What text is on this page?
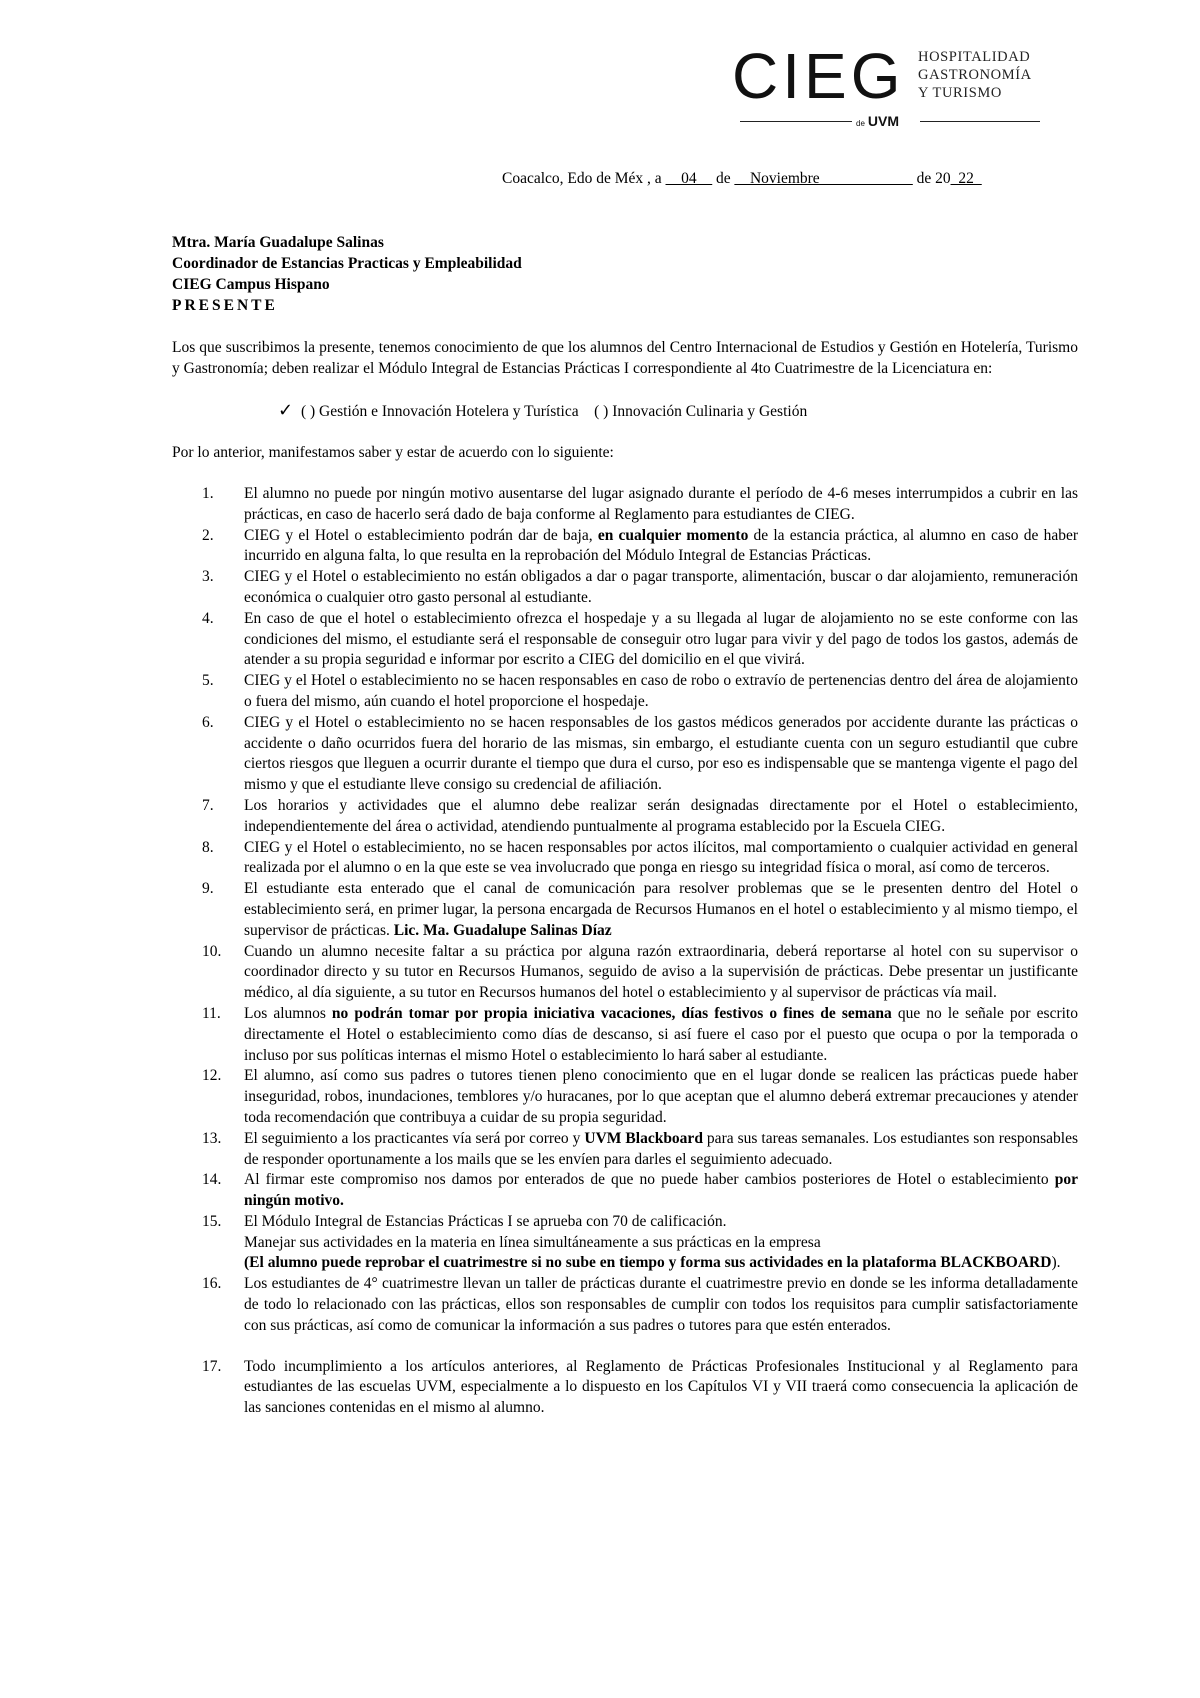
CIEG HOSPITALIDAD
GASTRONOMÍA
Y TURISMO
de UVM
Coacalco, Edo de Méx , a __04__ de __Noviembre____________ de 20_22_
Mtra. María Guadalupe Salinas
Coordinador de Estancias Practicas y Empleabilidad
CIEG Campus Hispano
PRESENTE
Los que suscribimos la presente, tenemos conocimiento de que los alumnos del Centro Internacional de Estudios y Gestión en Hotelería, Turismo y Gastronomía; deben realizar el Módulo Integral de Estancias Prácticas I correspondiente al 4to Cuatrimestre de la Licenciatura en:
✓ ( ) Gestión e Innovación Hotelera y Turística ( ) Innovación Culinaria y Gestión
Por lo anterior, manifestamos saber y estar de acuerdo con lo siguiente:
1.	El alumno no puede por ningún motivo ausentarse del lugar asignado durante el período de 4-6 meses interrumpidos a cubrir en las prácticas, en caso de hacerlo será dado de baja conforme al Reglamento para estudiantes de CIEG.
2.	CIEG y el Hotel o establecimiento podrán dar de baja, en cualquier momento de la estancia práctica, al alumno en caso de haber incurrido en alguna falta, lo que resulta en la reprobación del Módulo Integral de Estancias Prácticas.
3.	CIEG y el Hotel o establecimiento no están obligados a dar o pagar transporte, alimentación, buscar o dar alojamiento, remuneración económica o cualquier otro gasto personal al estudiante.
4.	En caso de que el hotel o establecimiento ofrezca el hospedaje y a su llegada al lugar de alojamiento no se este conforme con las condiciones del mismo, el estudiante será el responsable de conseguir otro lugar para vivir y del pago de todos los gastos, además de atender a su propia seguridad e informar por escrito a CIEG del domicilio en el que vivirá.
5.	CIEG y el Hotel o establecimiento no se hacen responsables en caso de robo o extravío de pertenencias dentro del área de alojamiento o fuera del mismo, aún cuando el hotel proporcione el hospedaje.
6.	CIEG y el Hotel o establecimiento no se hacen responsables de los gastos médicos generados por accidente durante las prácticas o accidente o daño ocurridos fuera del horario de las mismas, sin embargo, el estudiante cuenta con un seguro estudiantil que cubre ciertos riesgos que lleguen a ocurrir durante el tiempo que dura el curso, por eso es indispensable que se mantenga vigente el pago del mismo y que el estudiante lleve consigo su credencial de afiliación.
7.	Los horarios y actividades que el alumno debe realizar serán designadas directamente por el Hotel o establecimiento, independientemente del área o actividad, atendiendo puntualmente al programa establecido por la Escuela CIEG.
8.	CIEG y el Hotel o establecimiento, no se hacen responsables por actos ilícitos, mal comportamiento o cualquier actividad en general realizada por el alumno o en la que este se vea involucrado que ponga en riesgo su integridad física o moral, así como de terceros.
9.	El estudiante esta enterado que el canal de comunicación para resolver problemas que se le presenten dentro del Hotel o establecimiento será, en primer lugar, la persona encargada de Recursos Humanos en el hotel o establecimiento y al mismo tiempo, el supervisor de prácticas. Lic. Ma. Guadalupe Salinas Díaz
10.	Cuando un alumno necesite faltar a su práctica por alguna razón extraordinaria, deberá reportarse al hotel con su supervisor o coordinador directo y su tutor en Recursos Humanos, seguido de aviso a la supervisión de prácticas. Debe presentar un justificante médico, al día siguiente, a su tutor en Recursos humanos del hotel o establecimiento y al supervisor de prácticas vía mail.
11.	Los alumnos no podrán tomar por propia iniciativa vacaciones, días festivos o fines de semana que no le señale por escrito directamente el Hotel o establecimiento como días de descanso, si así fuere el caso por el puesto que ocupa o por la temporada o incluso por sus políticas internas el mismo Hotel o establecimiento lo hará saber al estudiante.
12.	El alumno, así como sus padres o tutores tienen pleno conocimiento que en el lugar donde se realicen las prácticas puede haber inseguridad, robos, inundaciones, temblores y/o huracanes, por lo que aceptan que el alumno deberá extremar precauciones y atender toda recomendación que contribuya a cuidar de su propia seguridad.
13.	El seguimiento a los practicantes vía será por correo y UVM Blackboard para sus tareas semanales. Los estudiantes son responsables de responder oportunamente a los mails que se les envíen para darles el seguimiento adecuado.
14.	Al firmar este compromiso nos damos por enterados de que no puede haber cambios posteriores de Hotel o establecimiento por ningún motivo.
15.	El Módulo Integral de Estancias Prácticas I se aprueba con 70 de calificación.
Manejar sus actividades en la materia en línea simultáneamente a sus prácticas en la empresa
(El alumno puede reprobar el cuatrimestre si no sube en tiempo y forma sus actividades en la plataforma BLACKBOARD).
16.	Los estudiantes de 4° cuatrimestre llevan un taller de prácticas durante el cuatrimestre previo en donde se les informa detalladamente de todo lo relacionado con las prácticas, ellos son responsables de cumplir con todos los requisitos para cumplir satisfactoriamente con sus prácticas, así como de comunicar la información a sus padres o tutores para que estén enterados.
17.	Todo incumplimiento a los artículos anteriores, al Reglamento de Prácticas Profesionales Institucional y al Reglamento para estudiantes de las escuelas UVM, especialmente a lo dispuesto en los Capítulos VI y VII traerá como consecuencia la aplicación de las sanciones contenidas en el mismo al alumno.
